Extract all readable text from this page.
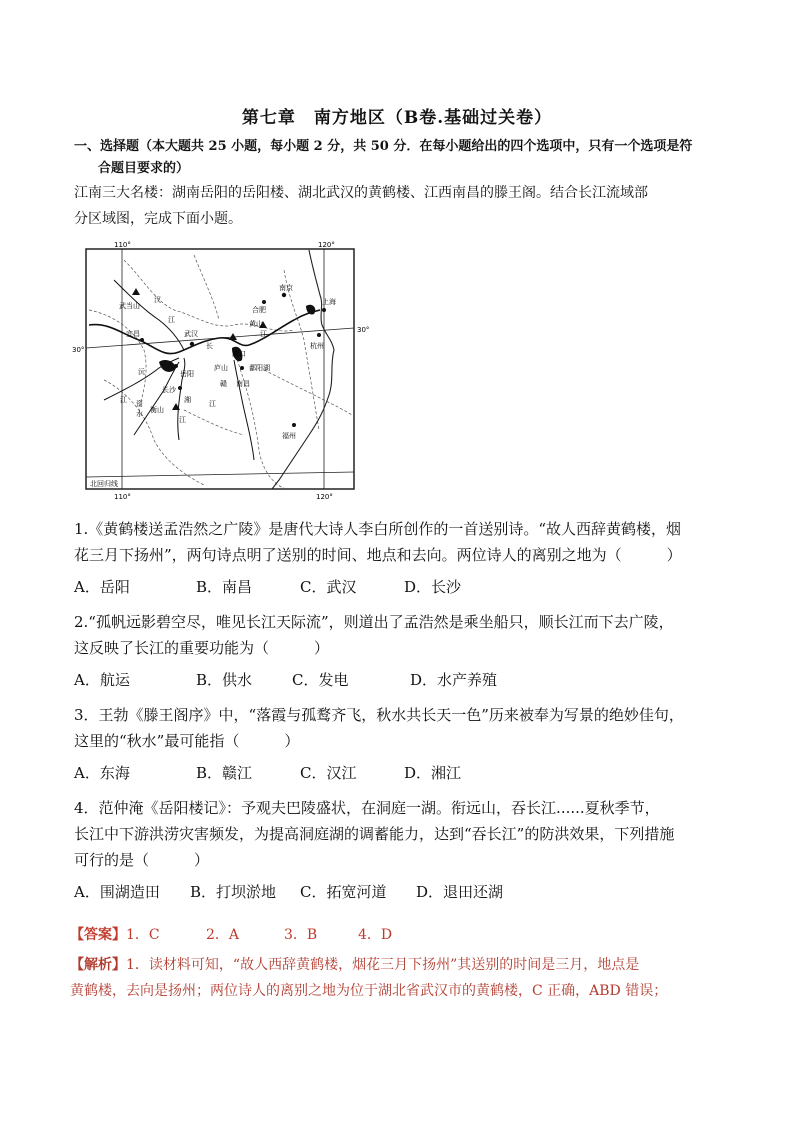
第七章　南方地区（B卷.基础过关卷）
一、选择题（本大题共 25 小题，每小题 2 分，共 50 分．在每小题给出的四个选项中，只有一个选项是符
合题目要求的）
江南三大名楼：湖南岳阳的岳阳楼、湖北武汉的黄鹤楼、江西南昌的滕王阁。结合长江流域部
分区域图，完成下面小题。
110°	120°
110°	120°
30°
30°
北回归线
武当山
汉
江
武汉
宜昌
长
岳阳
沅
长沙
资
水 衡山
湘
江
江
庐山
湖口
鄱阳湖
赣 南昌
江
合肥
南京
黄山
江
上海
杭州
福州
1.《黄鹤楼送孟浩然之广陵》是唐代大诗人李白所创作的一首送别诗。“故人西辞黄鹤楼，烟
花三月下扬州”，两句诗点明了送别的时间、地点和去向。两位诗人的离别之地为（　　　）
A．岳阳	B．南昌	C．武汉	D．长沙
2.“孤帆远影碧空尽，唯见长江天际流”，则道出了孟浩然是乘坐船只，顺长江而下去广陵，
这反映了长江的重要功能为（　　　）
A．航运	B．供水	C．发电	D．水产养殖
3．王勃《滕王阁序》中，“落霞与孤鹜齐飞，秋水共长天一色”历来被奉为写景的绝妙佳句，
这里的“秋水”最可能指（　　　）
A．东海	B．赣江	C．汉江	D．湘江
4．范仲淹《岳阳楼记》：予观夫巴陵盛状，在洞庭一湖。衔远山，吞长江......夏秋季节，
长江中下游洪涝灾害频发，为提高洞庭湖的调蓄能力，达到“吞长江”的防洪效果，下列措施
可行的是（　　　）
A．围湖造田 B．打坝淤地 C．拓宽河道 D．退田还湖
【答案】1．C	2．A	3．B	4．D
【解析】1．读材料可知，“故人西辞黄鹤楼，烟花三月下扬州”其送别的时间是三月，地点是
黄鹤楼，去向是扬州；两位诗人的离别之地为位于湖北省武汉市的黄鹤楼，C 正确，ABD 错误；
